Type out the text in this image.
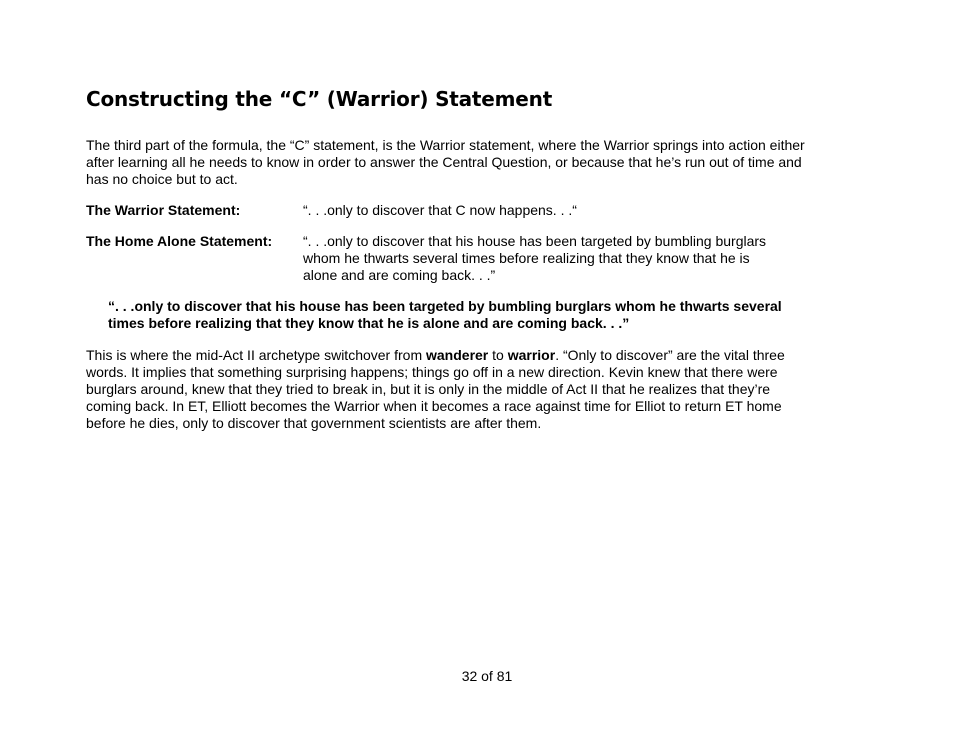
Constructing the “C” (Warrior) Statement

The third part of the formula, the “C” statement, is the Warrior statement, where the Warrior springs into action either after learning all he needs to know in order to answer the Central Question, or because that he’s run out of time and has no choice but to act.

The Warrior Statement:	“. . .only to discover that C now happens. . .“
The Home Alone Statement: “. . .only to discover that his house has been targeted by bumbling burglars whom he thwarts several times before realizing that they know that he is alone and are coming back. . .”

“. . .only to discover that his house has been targeted by bumbling burglars whom he thwarts several times before realizing that they know that he is alone and are coming back. . .”

This is where the mid-Act II archetype switchover from wanderer to warrior. “Only to discover” are the vital three words. It implies that something surprising happens; things go off in a new direction. Kevin knew that there were burglars around, knew that they tried to break in, but it is only in the middle of Act II that he realizes that they’re coming back. In ET, Elliott becomes the Warrior when it becomes a race against time for Elliot to return ET home before he dies, only to discover that government scientists are after them.

32 of 81
